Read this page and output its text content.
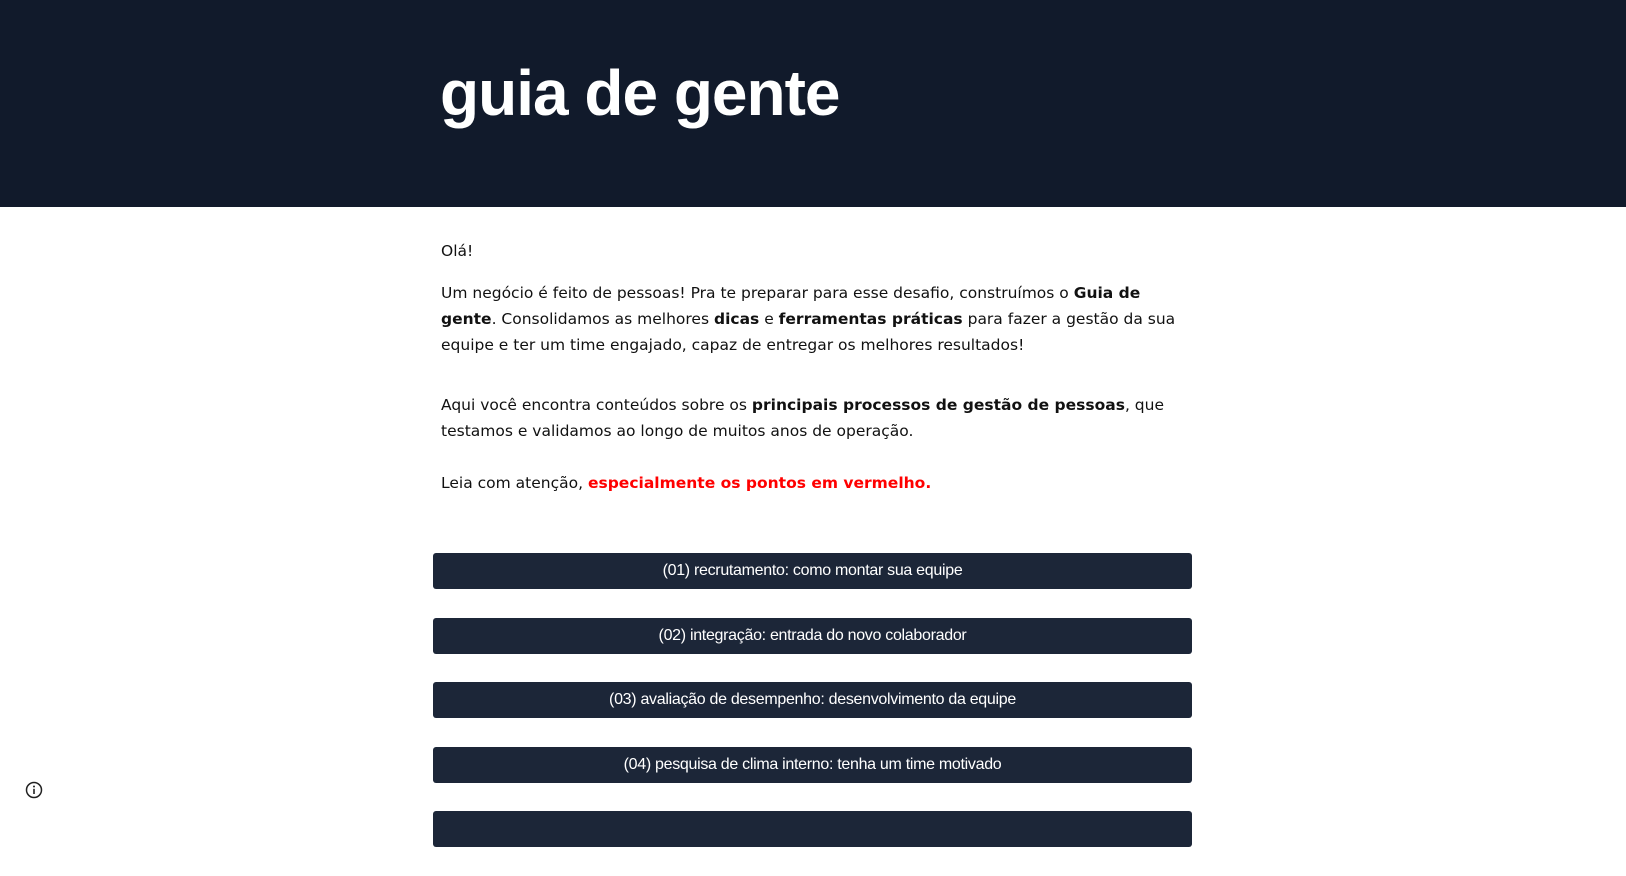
guia de gente

Olá!

Um negócio é feito de pessoas! Pra te preparar para esse desafio, construímos o Guia de gente. Consolidamos as melhores dicas e ferramentas práticas para fazer a gestão da sua equipe e ter um time engajado, capaz de entregar os melhores resultados!

Aqui você encontra conteúdos sobre os principais processos de gestão de pessoas, que testamos e validamos ao longo de muitos anos de operação.

Leia com atenção, especialmente os pontos em vermelho.

(01) recrutamento: como montar sua equipe
(02) integração: entrada do novo colaborador
(03) avaliação de desempenho: desenvolvimento da equipe
(04) pesquisa de clima interno: tenha um time motivado
